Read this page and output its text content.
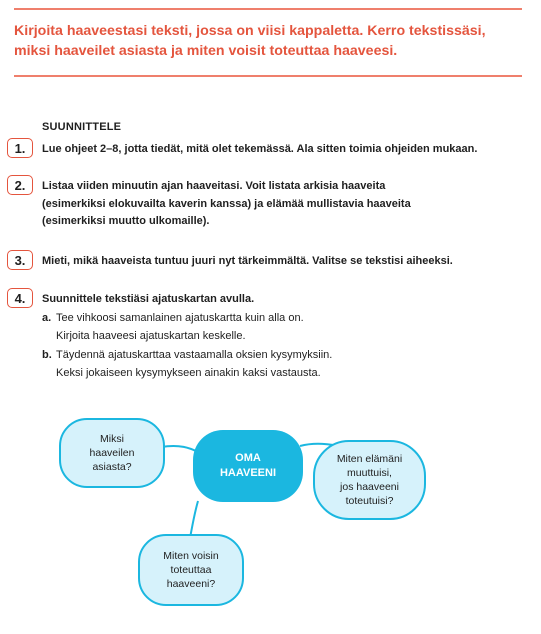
Kirjoita haaveestasi teksti, jossa on viisi kappaletta. Kerro tekstissäsi,
miksi haaveilet asiasta ja miten voisit toteuttaa haaveesi.
SUUNNITTELE
1.	Lue ohjeet 2–8, jotta tiedät, mitä olet tekemässä. Ala sitten toimia ohjeiden mukaan.
2.	Listaa viiden minuutin ajan haaveitasi. Voit listata arkisia haaveita
(esimerkiksi elokuvailta kaverin kanssa) ja elämää mullistavia haaveita
(esimerkiksi muutto ulkomaille).
3.	Mieti, mikä haaveista tuntuu juuri nyt tärkeimmältä. Valitse se tekstisi aiheeksi.
4.	Suunnittele tekstiäsi ajatuskartan avulla.
a. Tee vihkoosi samanlainen ajatuskartta kuin alla on.
Kirjoita haaveesi ajatuskartan keskelle.
b. Täydennä ajatuskarttaa vastaamalla oksien kysymyksiin.
Keksi jokaiseen kysymykseen ainakin kaksi vastausta.
Miksi
haaveilen
asiasta?
OMA
HAAVEENI
Miten elämäni
muuttuisi,
jos haaveeni
toteutuisi?
Miten voisin
toteuttaa
haaveeni?
